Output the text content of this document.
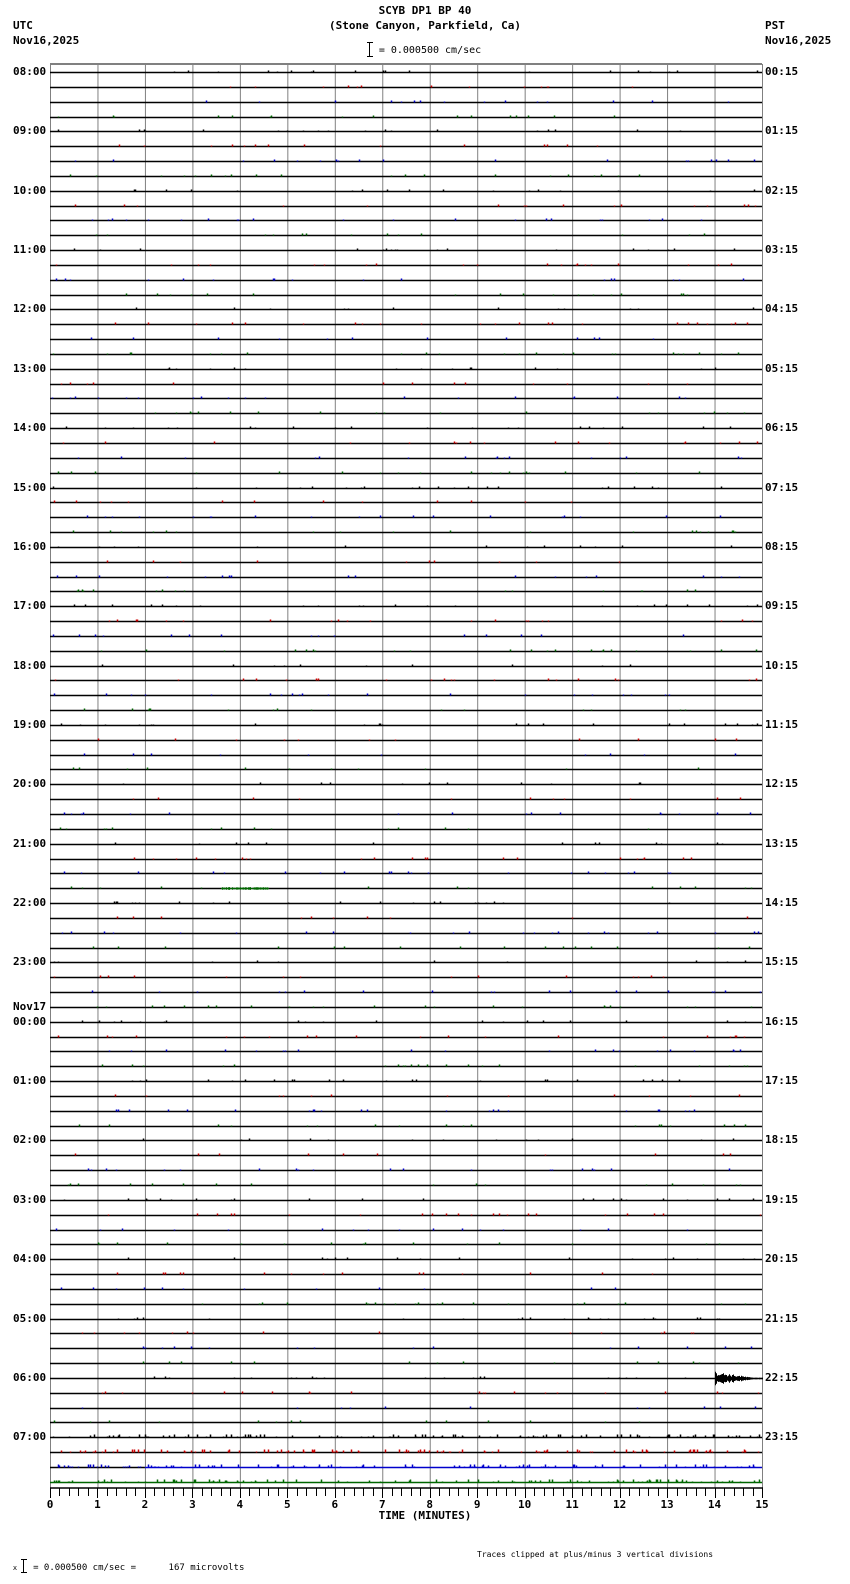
SCYB DP1 BP 40
(Stone Canyon, Parkfield, Ca)
UTC
Nov16,2025
PST
Nov16,2025
= 0.000500 cm/sec
0	1	2	3	4	5	6	7	8	9	10	11	12	13	14	15
08:00
09:00
10:00
11:00
12:00
13:00
14:00
15:00
16:00
17:00
18:00
19:00
20:00
21:00
22:00
23:00
Nov17
00:00
01:00
02:00
03:00
04:00
05:00
06:00
07:00
00:15
01:15
02:15
03:15
04:15
05:15
06:15
07:15
08:15
09:15
10:15
11:15
12:15
13:15
14:15
15:15
16:15
17:15
18:15
19:15
20:15
21:15
22:15
23:15
TIME (MINUTES)

x = 0.000500 cm/sec =      167 microvolts

Traces clipped at plus/minus 3 vertical divisions
